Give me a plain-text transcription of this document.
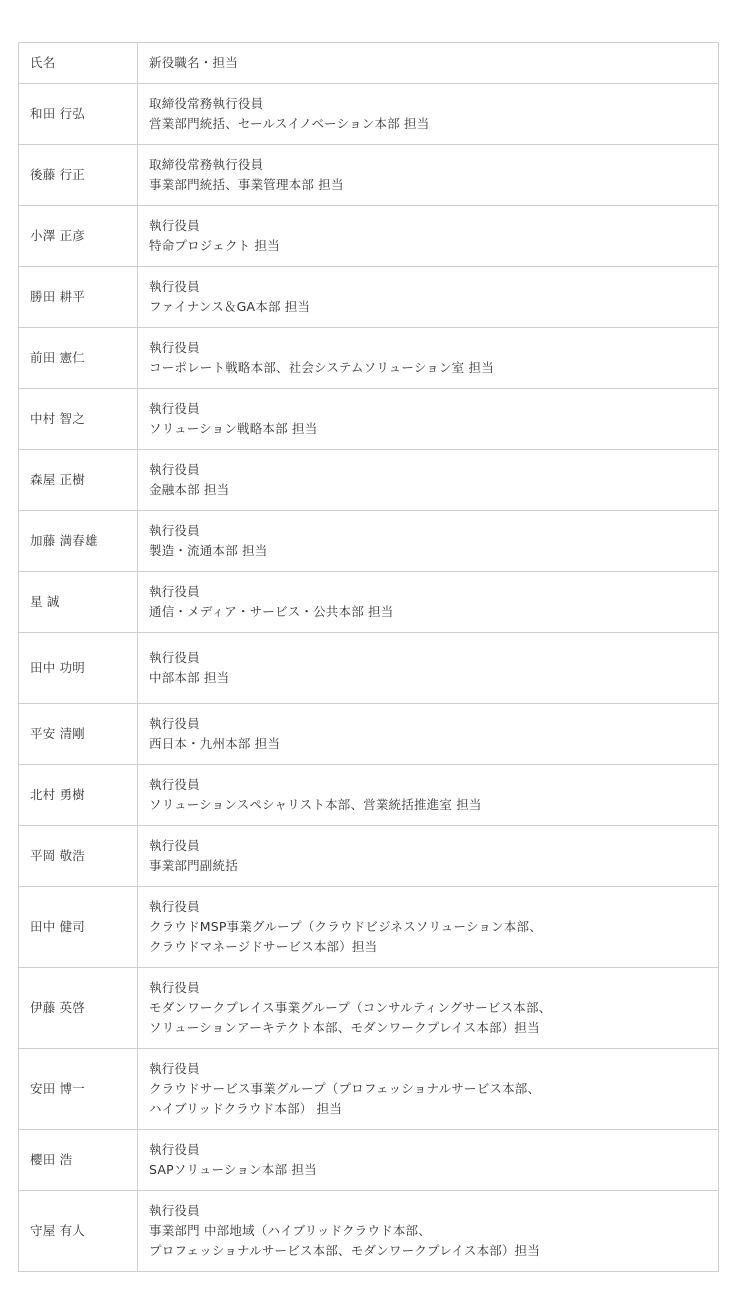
氏名	新役職名・担当
和田 行弘	取締役常務執行役員
営業部門統括、セールスイノベーション本部 担当

後藤 行正	取締役常務執行役員
事業部門統括、事業管理本部 担当

小澤 正彦	執行役員
特命プロジェクト 担当

勝田 耕平	執行役員
ファイナンス＆GA本部 担当

前田 憲仁	執行役員
コーポレート戦略本部、社会システムソリューション室 担当

中村 智之	執行役員
ソリューション戦略本部 担当

森屋 正樹	執行役員
金融本部 担当

加藤 満春雄	執行役員
製造・流通本部 担当

星 誠	執行役員
通信・メディア・サービス・公共本部 担当

田中 功明	執行役員
中部本部 担当

平安 清剛	執行役員
西日本・九州本部 担当

北村 勇樹	執行役員
ソリューションスペシャリスト本部、営業統括推進室 担当

平岡 敬浩	執行役員
事業部門副統括

田中 健司	執行役員
クラウドMSP事業グループ（クラウドビジネスソリューション本部、
クラウドマネージドサービス本部）担当

伊藤 英啓	執行役員
モダンワークプレイス事業グループ（コンサルティングサービス本部、
ソリューションアーキテクト本部、モダンワークプレイス本部）担当

安田 博一	執行役員
クラウドサービス事業グループ（プロフェッショナルサービス本部、
ハイブリッドクラウド本部） 担当

櫻田 浩	執行役員
SAPソリューション本部 担当

守屋 有人	執行役員
事業部門 中部地域（ハイブリッドクラウド本部、
プロフェッショナルサービス本部、モダンワークプレイス本部）担当
